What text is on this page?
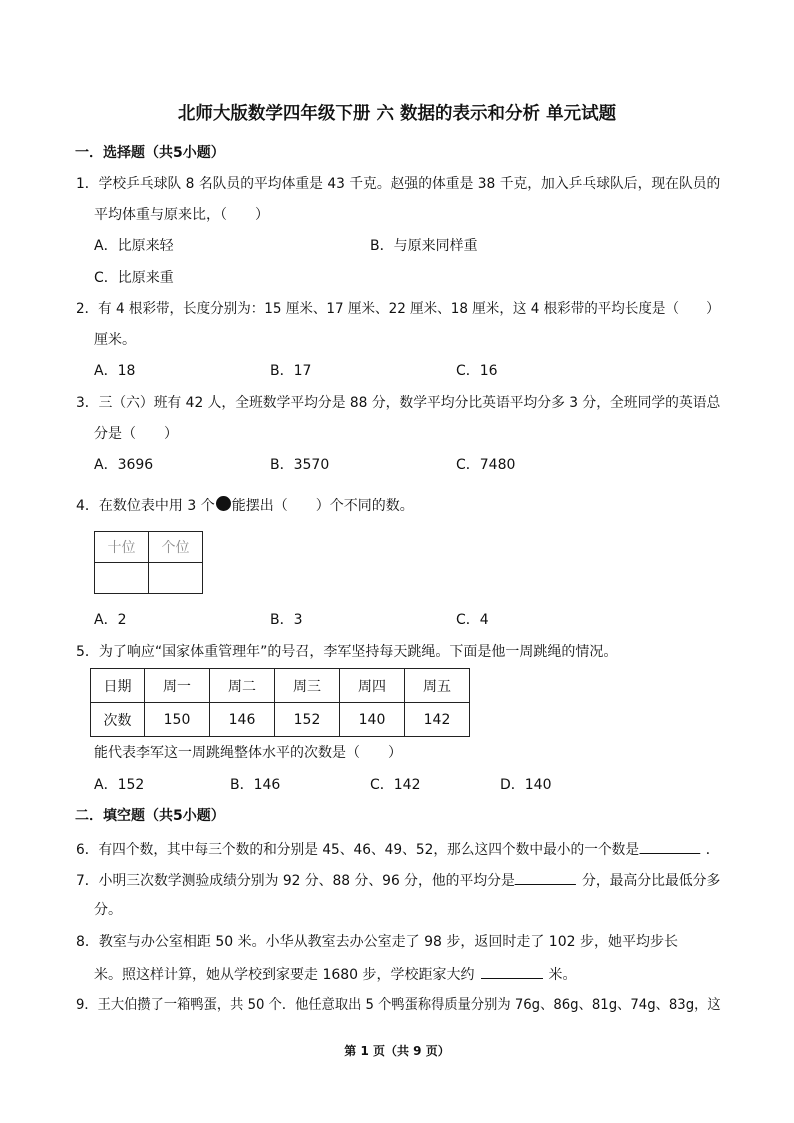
北师大版数学四年级下册 六 数据的表示和分析 单元试题
一．选择题（共5小题）
1．学校乒乓球队 8 名队员的平均体重是 43 千克。赵强的体重是 38 千克，加入乒乓球队后，现在队员的
平均体重与原来比，（　　）
A．比原来轻	B．与原来同样重
C．比原来重
2．有 4 根彩带，长度分别为：15 厘米、17 厘米、22 厘米、18 厘米，这 4 根彩带的平均长度是（　　）
厘米。
A．18	B．17	C．16
3．三（六）班有 42 人，全班数学平均分是 88 分，数学平均分比英语平均分多 3 分，全班同学的英语总
分是（　　）
A．3696	B．3570	C．7480
4．在数位表中用 3 个 能摆出（　　）个不同的数。
十位	个位

A．2	B．3	C．4
5．为了响应“国家体重管理年”的号召，李军坚持每天跳绳。下面是他一周跳绳的情况。
日期	周一	周二	周三	周四	周五
次数	150	146	152	140	142
能代表李军这一周跳绳整体水平的次数是（　　）
A．152	B．146	C．142	D．140
二．填空题（共5小题）
6．有四个数，其中每三个数的和分别是 45、46、49、52，那么这四个数中最小的一个数是	．
7．小明三次数学测验成绩分别为 92 分、88 分、96 分，他的平均分是	分，最高分比最低分多
分。
8．教室与办公室相距 50 米。小华从教室去办公室走了 98 步，返回时走了 102 步，她平均步长
米。照这样计算，她从学校到家要走 1680 步，学校距家大约	米。
9．王大伯攒了一箱鸭蛋，共 50 个．他任意取出 5 个鸭蛋称得质量分别为 76g、86g、81g、74g、83g，这
第 1 页（共 9 页）
